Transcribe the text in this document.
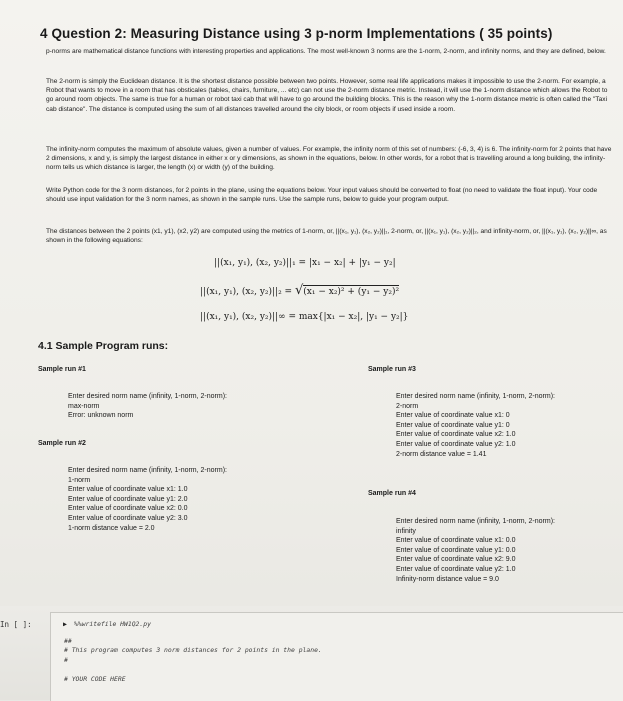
4 Question 2: Measuring Distance using 3 p-norm Implementations ( 35 points)

p-norms are mathematical distance functions with interesting properties and applications. The most well-known 3 norms are the 1-norm, 2-norm, and infinity norms, and they are defined, below.

The 2-norm is simply the Euclidean distance. It is the shortest distance possible between two points. However, some real life applications makes it impossible to use the 2-norm. For example, a Robot that wants to move in a room that has obsticales (tables, chairs, furniture, ... etc) can not use the 2-norm distance metric. Instead, it will use the 1-norm distance which allows the Robot to go around room objects. The same is true for a human or robot taxi cab that will have to go around the building blocks. This is the reason why the 1-norm distance metric is often called the "Taxi cab distance". The distance is computed using the sum of all distances travelled around the city block, or room objects if used inside a room.

The infinity-norm computes the maximum of absolute values, given a number of values. For example, the infinity norm of this set of numbers: (-6, 3, 4) is 6. The infinity-norm for 2 points that have 2 dimensions, x and y, is simply the largest distance in either x or y dimensions, as shown in the equations, below. In other words, for a robot that is travelling around a long building, the infinity-norm tells us which distance is larger, the length (x) or width (y) of the building.

Write Python code for the 3 norm distances, for 2 points in the plane, using the equations below. Your input values should be converted to float (no need to validate the float input). Your code should use input validation for the 3 norm names, as shown in the sample runs. Use the sample runs, below to guide your program output.

The distances between the 2 points (x1, y1), (x2, y2) are computed using the metrics of 1-norm, or, ||(x₁, y₁), (x₂, y₂)||₁, 2-norm, or, ||(x₁, y₁), (x₂, y₂)||₂, and infinity-norm, or, ||(x₁, y₁), (x₂, y₂)||∞, as shown in the following equations:

||(x₁, y₁), (x₂, y₂)||₁ = |x₁ − x₂| + |y₁ − y₂|
||(x₁, y₁), (x₂, y₂)||₂ = √(x₁ − x₂)² + (y₁ − y₂)²
||(x₁, y₁), (x₂, y₂)||∞ = max{|x₁ − x₂|, |y₁ − y₂|}
4.1 Sample Program runs:
Sample run #1
Enter desired norm name (infinity, 1-norm, 2-norm):
max-norm
Error: unknown norm
Sample run #2
Enter desired norm name (infinity, 1-norm, 2-norm):
1-norm
Enter value of coordinate value x1: 1.0
Enter value of coordinate value y1: 2.0
Enter value of coordinate value x2: 0.0
Enter value of coordinate value y2: 3.0
1-norm distance value = 2.0
Sample run #3
Enter desired norm name (infinity, 1-norm, 2-norm):
2-norm
Enter value of coordinate value x1: 0
Enter value of coordinate value y1: 0
Enter value of coordinate value x2: 1.0
Enter value of coordinate value y2: 1.0
2-norm distance value = 1.41
Sample run #4
Enter desired norm name (infinity, 1-norm, 2-norm):
infinity
Enter value of coordinate value x1: 0.0
Enter value of coordinate value y1: 0.0
Enter value of coordinate value x2: 9.0
Enter value of coordinate value y2: 1.0
Infinity-norm distance value = 9.0
In [ ]:	▶ %%writefile HW1Q2.py
##
# This program computes 3 norm distances for 2 points in the plane.
#
# YOUR CODE HERE
